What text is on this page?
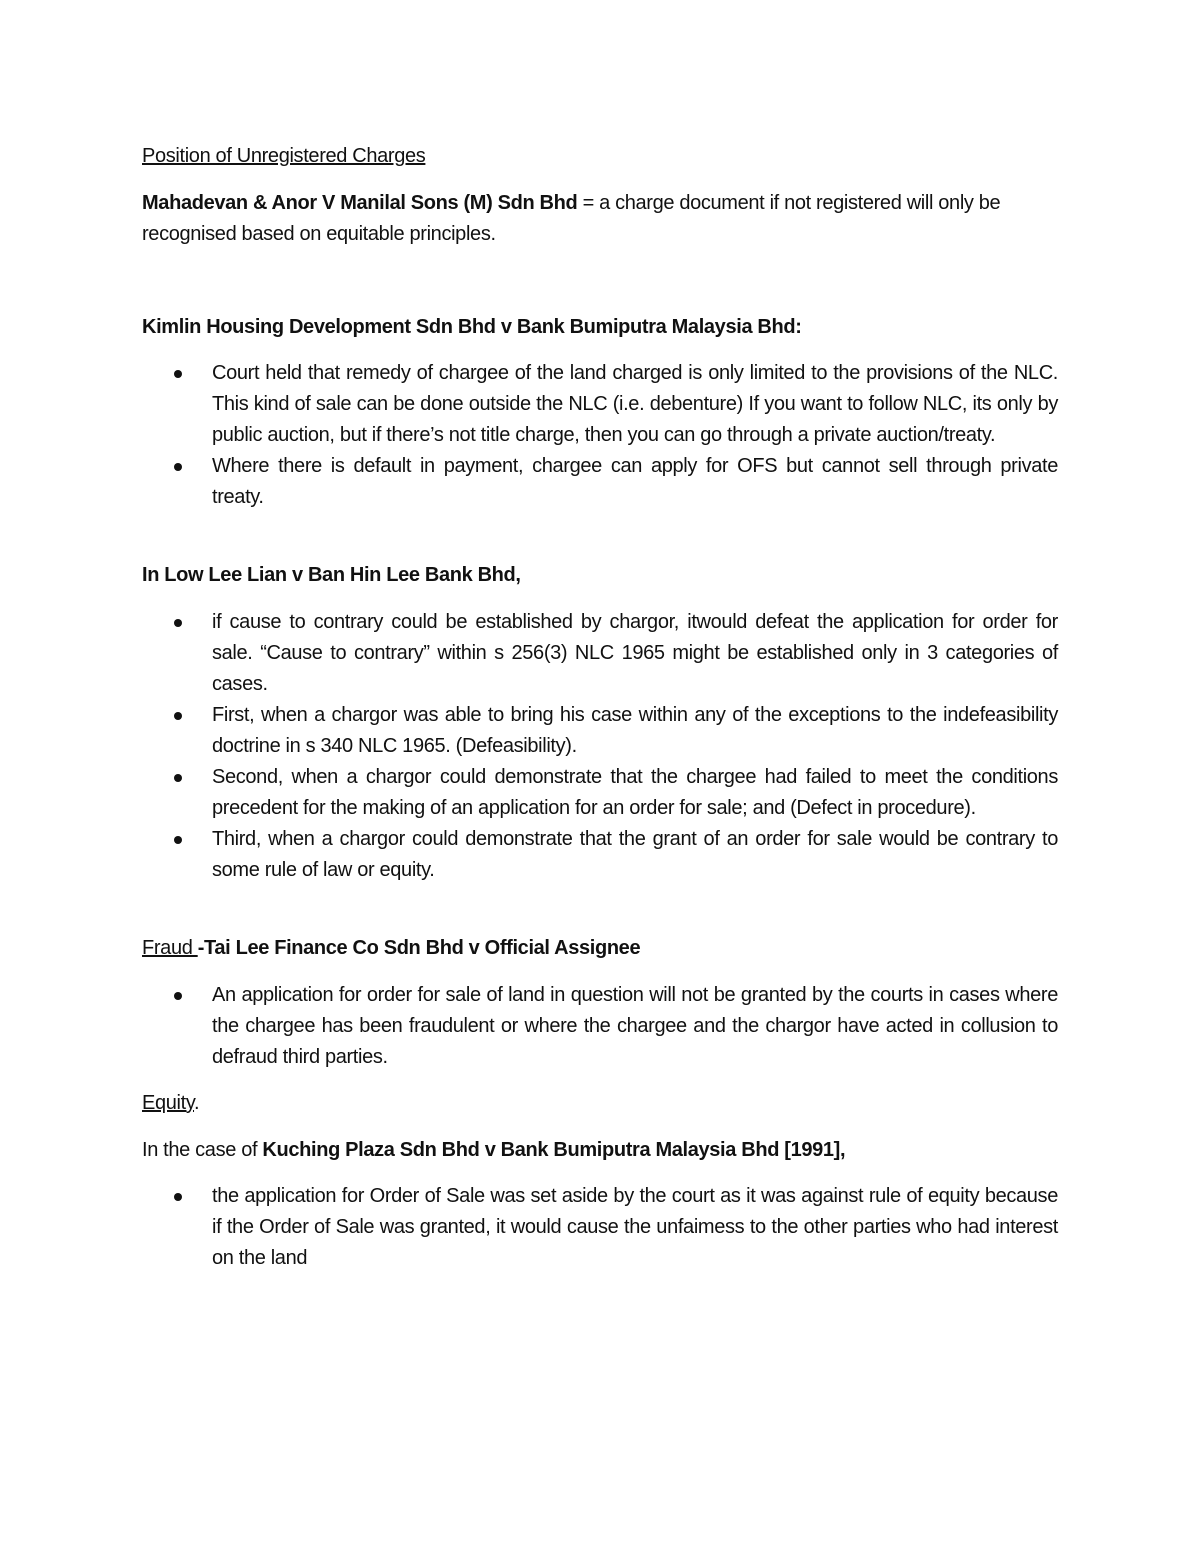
Position of Unregistered Charges

Mahadevan & Anor V Manilal Sons (M) Sdn Bhd = a charge document if not registered will only be recognised based on equitable principles.

Kimlin Housing Development Sdn Bhd v Bank Bumiputra Malaysia Bhd:

Court held that remedy of chargee of the land charged is only limited to the provisions of the NLC. This kind of sale can be done outside the NLC (i.e. debenture) If you want to follow NLC, its only by public auction, but if there’s not title charge, then you can go through a private auction/treaty.
Where there is default in payment, chargee can apply for OFS but cannot sell through private treaty.

In Low Lee Lian v Ban Hin Lee Bank Bhd,

if cause to contrary could be established by chargor, itwould defeat the application for order for sale. “Cause to contrary” within s 256(3) NLC 1965 might be established only in 3 categories of cases.
First, when a chargor was able to bring his case within any of the exceptions to the indefeasibility doctrine in s 340 NLC 1965. (Defeasibility).
Second, when a chargor could demonstrate that the chargee had failed to meet the conditions precedent for the making of an application for an order for sale; and (Defect in procedure).
Third, when a chargor could demonstrate that the grant of an order for sale would be contrary to some rule of law or equity.

Fraud -Tai Lee Finance Co Sdn Bhd v Official Assignee

An application for order for sale of land in question will not be granted by the courts in cases where the chargee has been fraudulent or where the chargee and the chargor have acted in collusion to defraud third parties.

Equity.

In the case of Kuching Plaza Sdn Bhd v Bank Bumiputra Malaysia Bhd [1991],

the application for Order of Sale was set aside by the court as it was against rule of equity because if the Order of Sale was granted, it would cause the unfaimess to the other parties who had interest on the land
